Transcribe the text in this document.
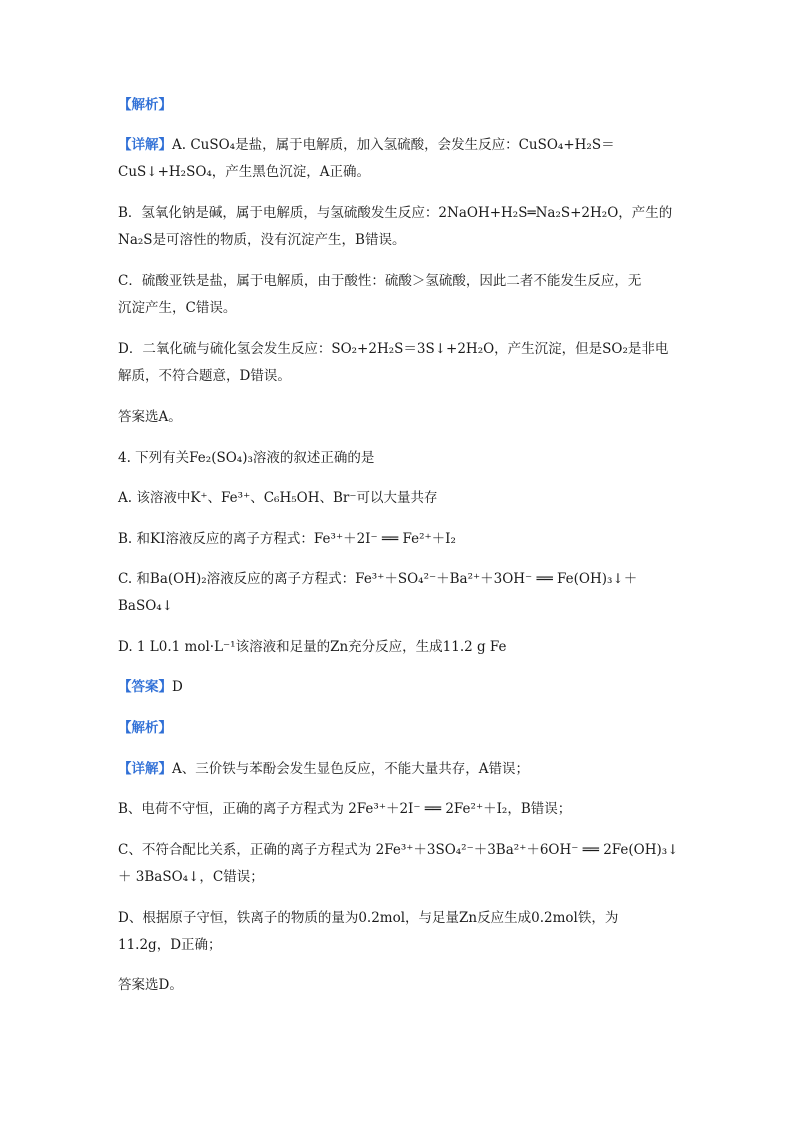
【解析】
【详解】A. CuSO₄是盐，属于电解质，加入氢硫酸，会发生反应：CuSO₄+H₂S＝
CuS↓+H₂SO₄，产生黑色沉淀，A正确。
B．氢氧化钠是碱，属于电解质，与氢硫酸发生反应：2NaOH+H₂S═Na₂S+2H₂O，产生的
Na₂S是可溶性的物质，没有沉淀产生，B错误。
C．硫酸亚铁是盐，属于电解质，由于酸性：硫酸＞氢硫酸，因此二者不能发生反应，无
沉淀产生，C错误。
D．二氧化硫与硫化氢会发生反应：SO₂+2H₂S＝3S↓+2H₂O，产生沉淀，但是SO₂是非电
解质，不符合题意，D错误。
答案选A。
4. 下列有关Fe₂(SO₄)₃溶液的叙述正确的是
A. 该溶液中K⁺、Fe³⁺、C₆H₅OH、Br⁻可以大量共存
B. 和KI溶液反应的离子方程式：Fe³⁺＋2I⁻ ══ Fe²⁺＋I₂
C. 和Ba(OH)₂溶液反应的离子方程式：Fe³⁺＋SO₄²⁻＋Ba²⁺＋3OH⁻ ══ Fe(OH)₃↓＋
BaSO₄↓
D. 1 L0.1 mol·L⁻¹该溶液和足量的Zn充分反应，生成11.2 g Fe
【答案】D
【解析】
【详解】A、三价铁与苯酚会发生显色反应，不能大量共存，A错误；
B、电荷不守恒，正确的离子方程式为 2Fe³⁺＋2I⁻ ══ 2Fe²⁺＋I₂，B错误；
C、不符合配比关系，正确的离子方程式为 2Fe³⁺＋3SO₄²⁻＋3Ba²⁺＋6OH⁻ ══ 2Fe(OH)₃↓
＋ 3BaSO₄↓，C错误；
D、根据原子守恒，铁离子的物质的量为0.2mol，与足量Zn反应生成0.2mol铁，为
11.2g，D正确；
答案选D。
